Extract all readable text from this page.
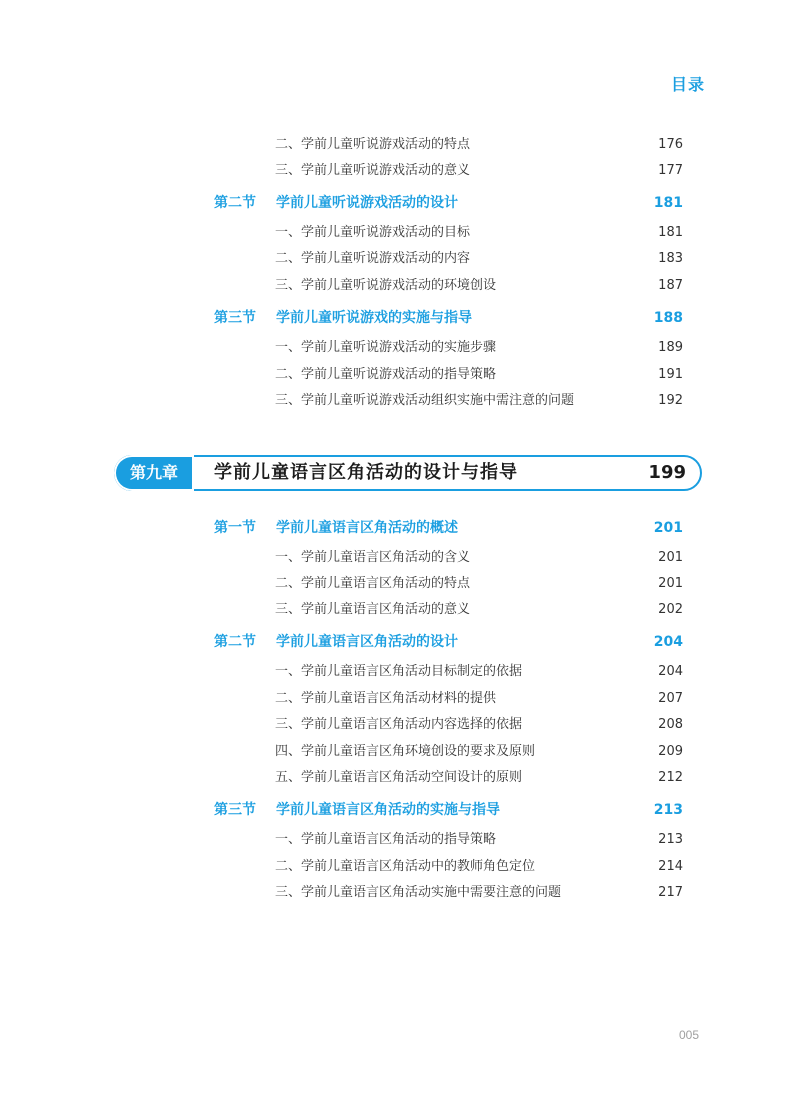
目录
二、学前儿童听说游戏活动的特点	176
三、学前儿童听说游戏活动的意义	177
第二节 学前儿童听说游戏活动的设计	181
一、学前儿童听说游戏活动的目标	181
二、学前儿童听说游戏活动的内容	183
三、学前儿童听说游戏活动的环境创设	187
第三节 学前儿童听说游戏的实施与指导	188
一、学前儿童听说游戏活动的实施步骤	189
二、学前儿童听说游戏活动的指导策略	191
三、学前儿童听说游戏活动组织实施中需注意的问题	192
第九章	学前儿童语言区角活动的设计与指导	199
第一节 学前儿童语言区角活动的概述	201
一、学前儿童语言区角活动的含义	201
二、学前儿童语言区角活动的特点	201
三、学前儿童语言区角活动的意义	202
第二节 学前儿童语言区角活动的设计	204
一、学前儿童语言区角活动目标制定的依据	204
二、学前儿童语言区角活动材料的提供	207
三、学前儿童语言区角活动内容选择的依据	208
四、学前儿童语言区角环境创设的要求及原则	209
五、学前儿童语言区角活动空间设计的原则	212
第三节 学前儿童语言区角活动的实施与指导	213
一、学前儿童语言区角活动的指导策略	213
二、学前儿童语言区角活动中的教师角色定位	214
三、学前儿童语言区角活动实施中需要注意的问题	217
005
